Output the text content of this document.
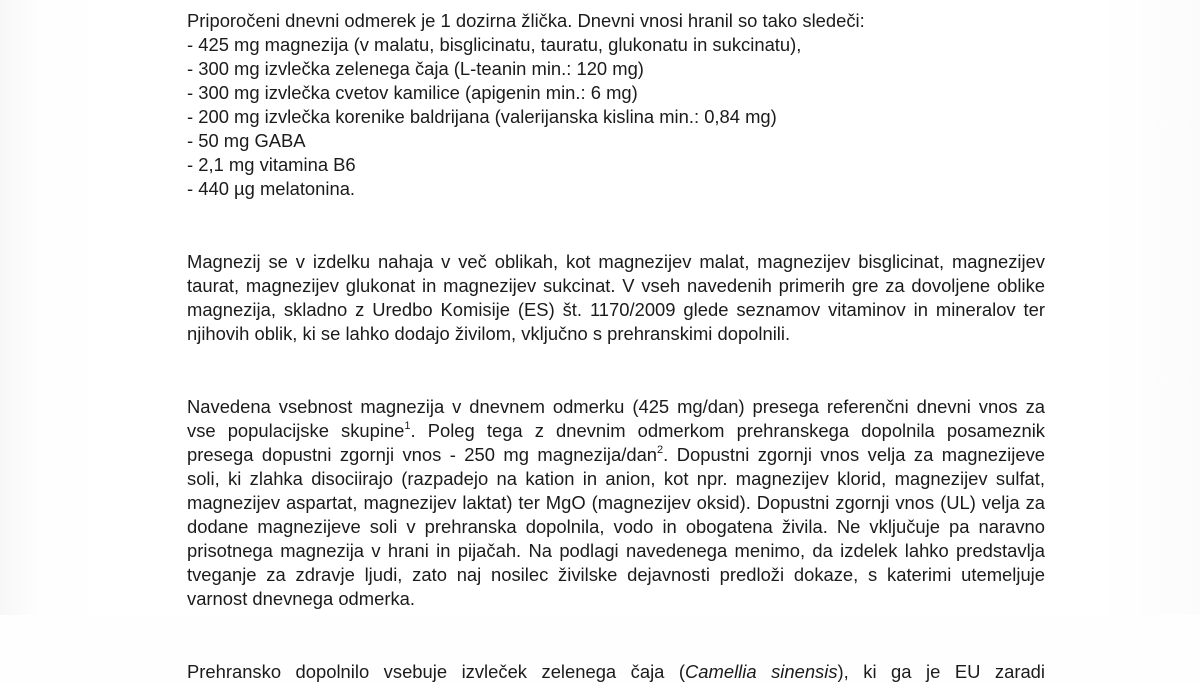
Priporočeni dnevni odmerek je 1 dozirna žlička. Dnevni vnosi hranil so tako sledeči:
- 425 mg magnezija (v malatu, bisglicinatu, tauratu, glukonatu in sukcinatu),
- 300 mg izvlečka zelenega čaja (L-teanin min.: 120 mg)
- 300 mg izvlečka cvetov kamilice (apigenin min.: 6 mg)
- 200 mg izvlečka korenike baldrijana (valerijanska kislina min.: 0,84 mg)
- 50 mg GABA
- 2,1 mg vitamina B6
- 440 µg melatonina.
Magnezij se v izdelku nahaja v več oblikah, kot magnezijev malat, magnezijev bisglicinat, magnezijev
taurat, magnezijev glukonat in magnezijev sukcinat. V vseh navedenih primerih gre za dovoljene oblike
magnezija, skladno z Uredbo Komisije (ES) št. 1170/2009 glede seznamov vitaminov in mineralov ter
njihovih oblik, ki se lahko dodajo živilom, vključno s prehranskimi dopolnili.
Navedena vsebnost magnezija v dnevnem odmerku (425 mg/dan) presega referenčni dnevni vnos za
vse populacijske skupine$^1$. Poleg tega z dnevnim odmerkom prehranskega dopolnila posameznik
presega dopustni zgornji vnos - 250 mg magnezija/dan$^2$. Dopustni zgornji vnos velja za magnezijeve
soli, ki zlahka disociirajo (razpadejo na kation in anion, kot npr. magnezijev klorid, magnezijev sulfat,
magnezijev aspartat, magnezijev laktat) ter MgO (magnezijev oksid). Dopustni zgornji vnos (UL) velja za
dodane magnezijeve soli v prehranska dopolnila, vodo in obogatena živila. Ne vključuje pa naravno
prisotnega magnezija v hrani in pijačah. Na podlagi navedenega menimo, da izdelek lahko predstavlja
tveganje za zdravje ljudi, zato naj nosilec živilske dejavnosti predloži dokaze, s katerimi utemeljuje
varnost dnevnega odmerka.
Prehransko dopolnilo vsebuje izvleček zelenega čaja (Camellia sinensis), ki ga je EU zaradi
